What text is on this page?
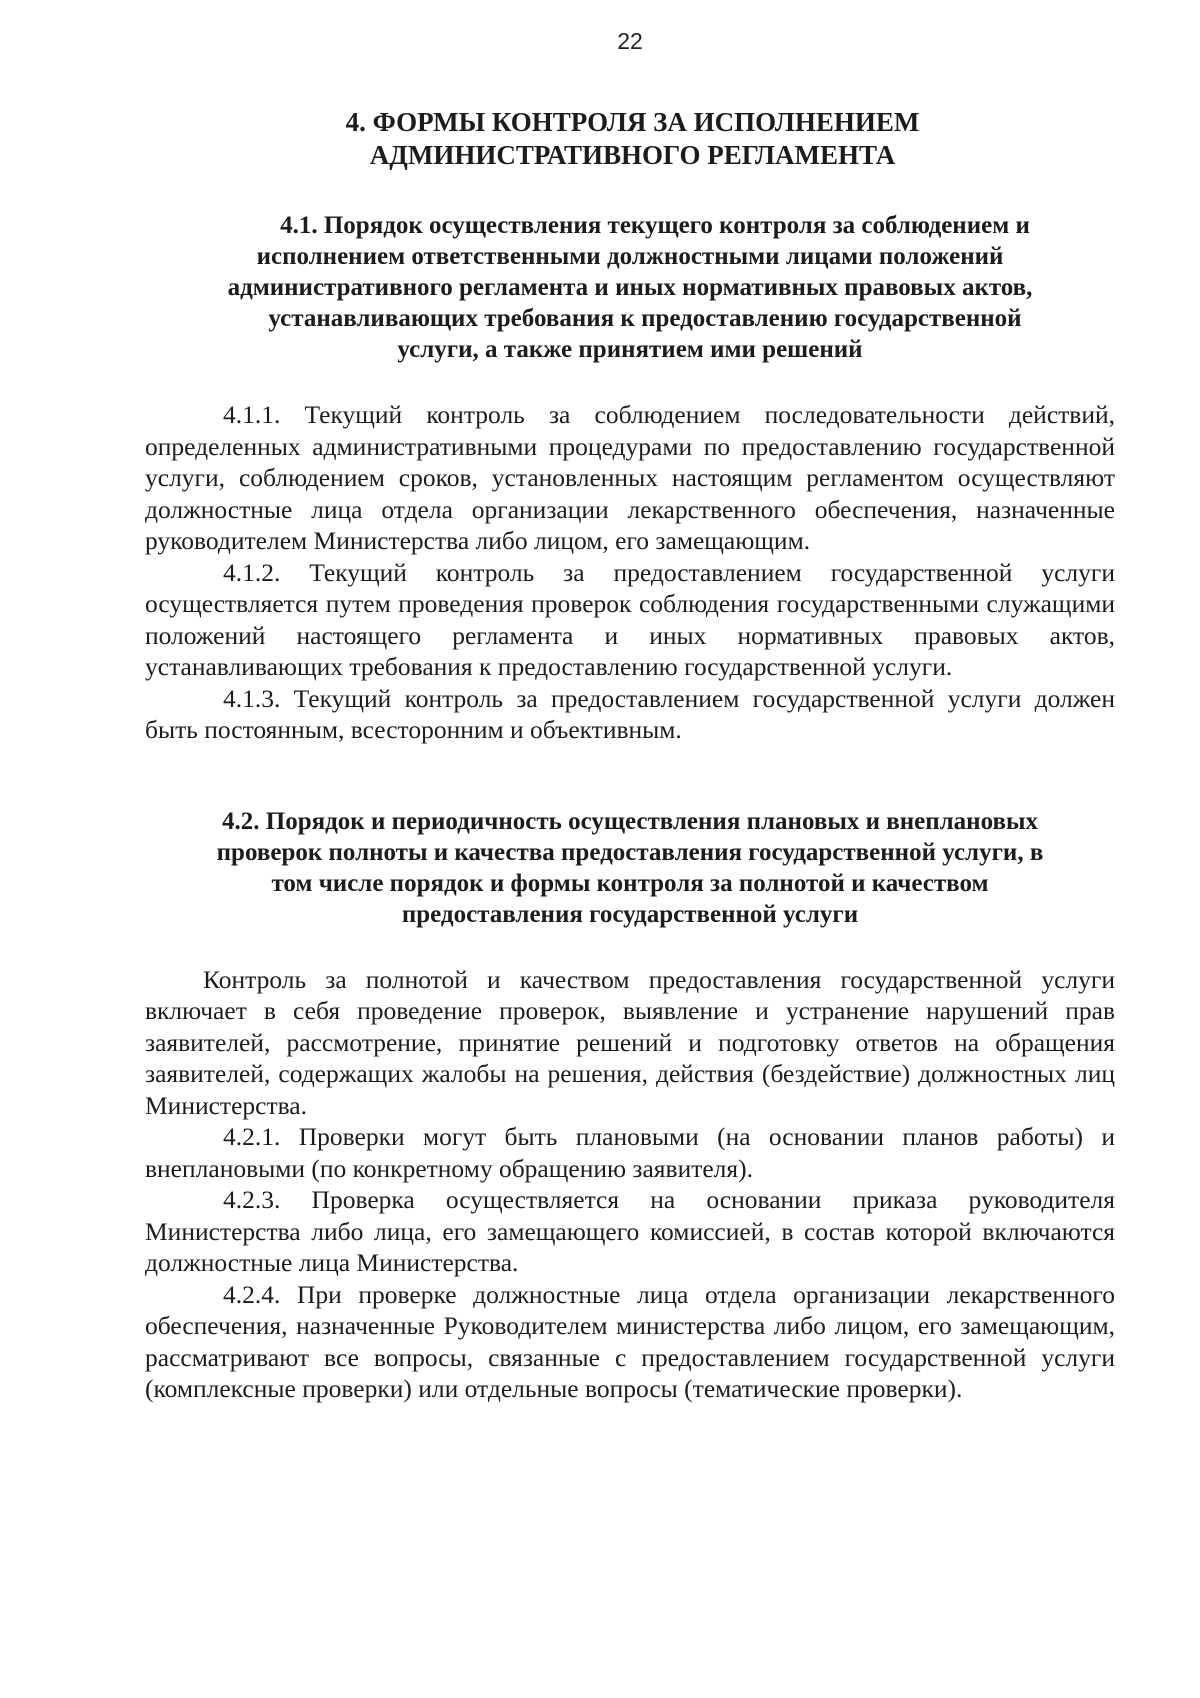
22
4. ФОРМЫ КОНТРОЛЯ ЗА ИСПОЛНЕНИЕМ
АДМИНИСТРАТИВНОГО РЕГЛАМЕНТА
4.1. Порядок осуществления текущего контроля за соблюдением и
исполнением ответственными должностными лицами положений
административного регламента и иных нормативных правовых актов,
устанавливающих требования к предоставлению государственной
услуги, а также принятием ими решений

4.1.1. Текущий контроль за соблюдением последовательности действий, определенных административными процедурами по предоставлению государственной услуги, соблюдением сроков, установленных настоящим регламентом осуществляют должностные лица отдела организации лекарственного обеспечения, назначенные руководителем Министерства либо лицом, его замещающим.

4.1.2. Текущий контроль за предоставлением государственной услуги осуществляется путем проведения проверок соблюдения государственными служащими положений настоящего регламента и иных нормативных правовых актов, устанавливающих требования к предоставлению государственной услуги.

4.1.3. Текущий контроль за предоставлением государственной услуги должен быть постоянным, всесторонним и объективным.

4.2. Порядок и периодичность осуществления плановых и внеплановых
проверок полноты и качества предоставления государственной услуги, в
том числе порядок и формы контроля за полнотой и качеством
предоставления государственной услуги

Контроль за полнотой и качеством предоставления государственной услуги включает в себя проведение проверок, выявление и устранение нарушений прав заявителей, рассмотрение, принятие решений и подготовку ответов на обращения заявителей, содержащих жалобы на решения, действия (бездействие) должностных лиц Министерства.

4.2.1. Проверки могут быть плановыми (на основании планов работы) и внеплановыми (по конкретному обращению заявителя).

4.2.3. Проверка осуществляется на основании приказа руководителя Министерства либо лица, его замещающего комиссией, в состав которой включаются должностные лица Министерства.

4.2.4. При проверке должностные лица отдела организации лекарственного обеспечения, назначенные Руководителем министерства либо лицом, его замещающим, рассматривают все вопросы, связанные с предоставлением государственной услуги (комплексные проверки) или отдельные вопросы (тематические проверки).
